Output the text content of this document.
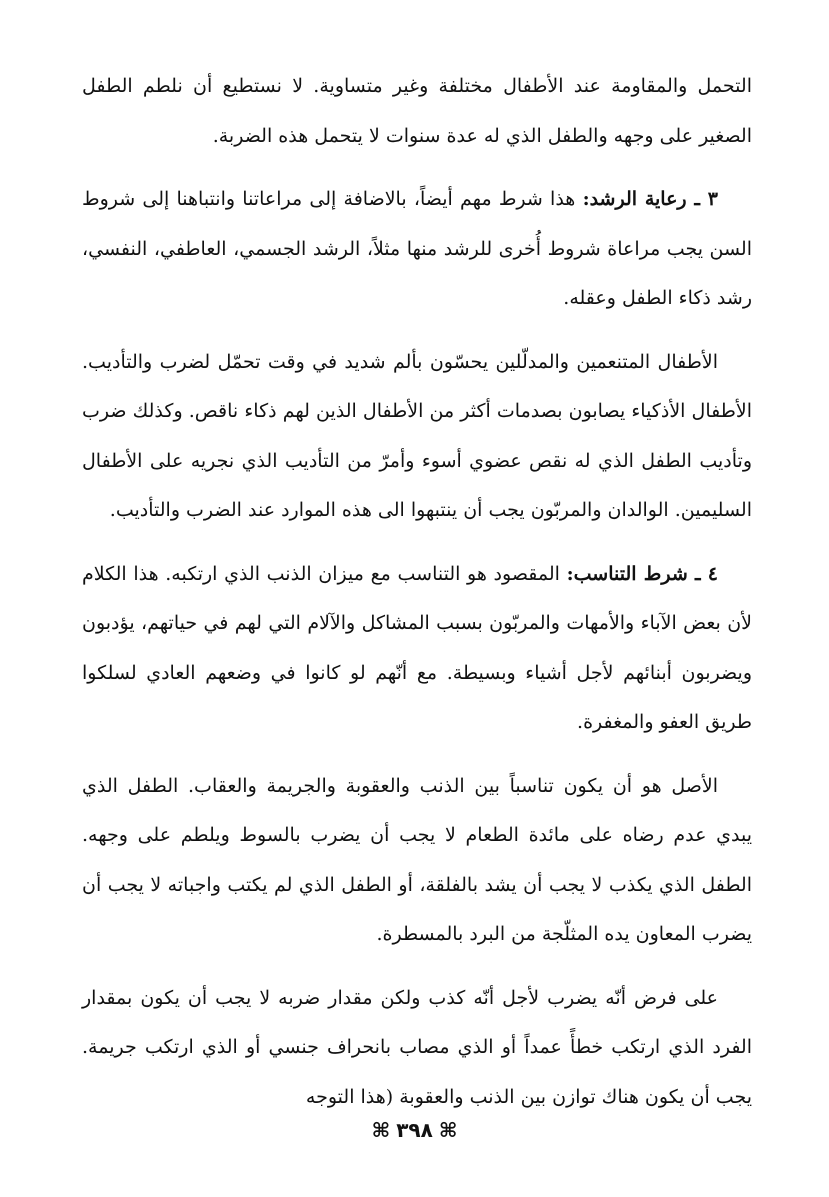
التحمل والمقاومة عند الأطفال مختلفة وغير متساوية. لا نستطيع أن نلطم الطفل الصغير على وجهه والطفل الذي له عدة سنوات لا يتحمل هذه الضربة.

٣ ـ رعاية الرشد: هذا شرط مهم أيضاً، بالاضافة إلى مراعاتنا وانتباهنا إلى شروط السن يجب مراعاة شروط أُخرى للرشد منها مثلاً، الرشد الجسمي، العاطفي، النفسي، رشد ذكاء الطفل وعقله.

الأطفال المتنعمين والمدلّلين يحسّون بألم شديد في وقت تحمّل لضرب والتأديب. الأطفال الأذكياء يصابون بصدمات أكثر من الأطفال الذين لهم ذكاء ناقص. وكذلك ضرب وتأديب الطفل الذي له نقص عضوي أسوء وأمرّ من التأديب الذي نجريه على الأطفال السليمين. الوالدان والمربّون يجب أن ينتبهوا الى هذه الموارد عند الضرب والتأديب.

٤ ـ شرط التناسب: المقصود هو التناسب مع ميزان الذنب الذي ارتكبه. هذا الكلام لأن بعض الآباء والأمهات والمربّون بسبب المشاكل والآلام التي لهم في حياتهم، يؤدبون ويضربون أبنائهم لأجل أشياء وبسيطة. مع أنّهم لو كانوا في وضعهم العادي لسلكوا طريق العفو والمغفرة.

الأصل هو أن يكون تناسباً بين الذنب والعقوبة والجريمة والعقاب. الطفل الذي يبدي عدم رضاه على مائدة الطعام لا يجب أن يضرب بالسوط ويلطم على وجهه. الطفل الذي يكذب لا يجب أن يشد بالفلقة، أو الطفل الذي لم يكتب واجباته لا يجب أن يضرب المعاون يده المثلّجة من البرد بالمسطرة.

على فرض أنّه يضرب لأجل أنّه كذب ولكن مقدار ضربه لا يجب أن يكون بمقدار الفرد الذي ارتكب خطأً عمداً أو الذي مصاب بانحراف جنسي أو الذي ارتكب جريمة. يجب أن يكون هناك توازن بين الذنب والعقوبة (هذا التوجه

⌘٣٩٨⌘
